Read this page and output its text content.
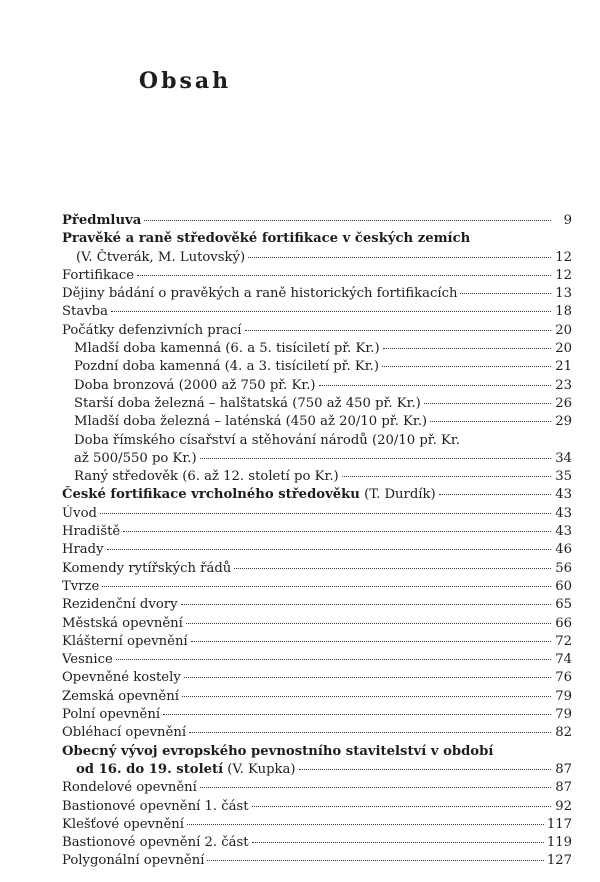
Obsah
Předmluva	9
Pravěké a raně středověké fortifikace v českých zemích
(V. Čtverák, M. Lutovský)	12
Fortifikace	12
Dějiny bádání o pravěkých a raně historických fortifikacích	13
Stavba	18
Počátky defenzivních prací	20
Mladší doba kamenná (6. a 5. tisíciletí př. Kr.)	20
Pozdní doba kamenná (4. a 3. tisíciletí př. Kr.)	21
Doba bronzová (2000 až 750 př. Kr.)	23
Starší doba železná – halštatská (750 až 450 př. Kr.)	26
Mladší doba železná – laténská (450 až 20/10 př. Kr.)	29
Doba římského císařství a stěhování národů (20/10 př. Kr.
až 500/550 po Kr.)	34
Raný středověk (6. až 12. století po Kr.)	35
České fortifikace vrcholného středověku (T. Durdík)	43
Úvod	43
Hradiště	43
Hrady	46
Komendy rytířských řádů	56
Tvrze	60
Rezidenční dvory	65
Městská opevnění	66
Klášterní opevnění	72
Vesnice	74
Opevněné kostely	76
Zemská opevnění	79
Polní opevnění	79
Obléhací opevnění	82
Obecný vývoj evropského pevnostního stavitelství v období
od 16. do 19. století (V. Kupka)	87
Rondelové opevnění	87
Bastionové opevnění 1. část	92
Klešťové opevnění	117
Bastionové opevnění 2. část	119
Polygonální opevnění	127
